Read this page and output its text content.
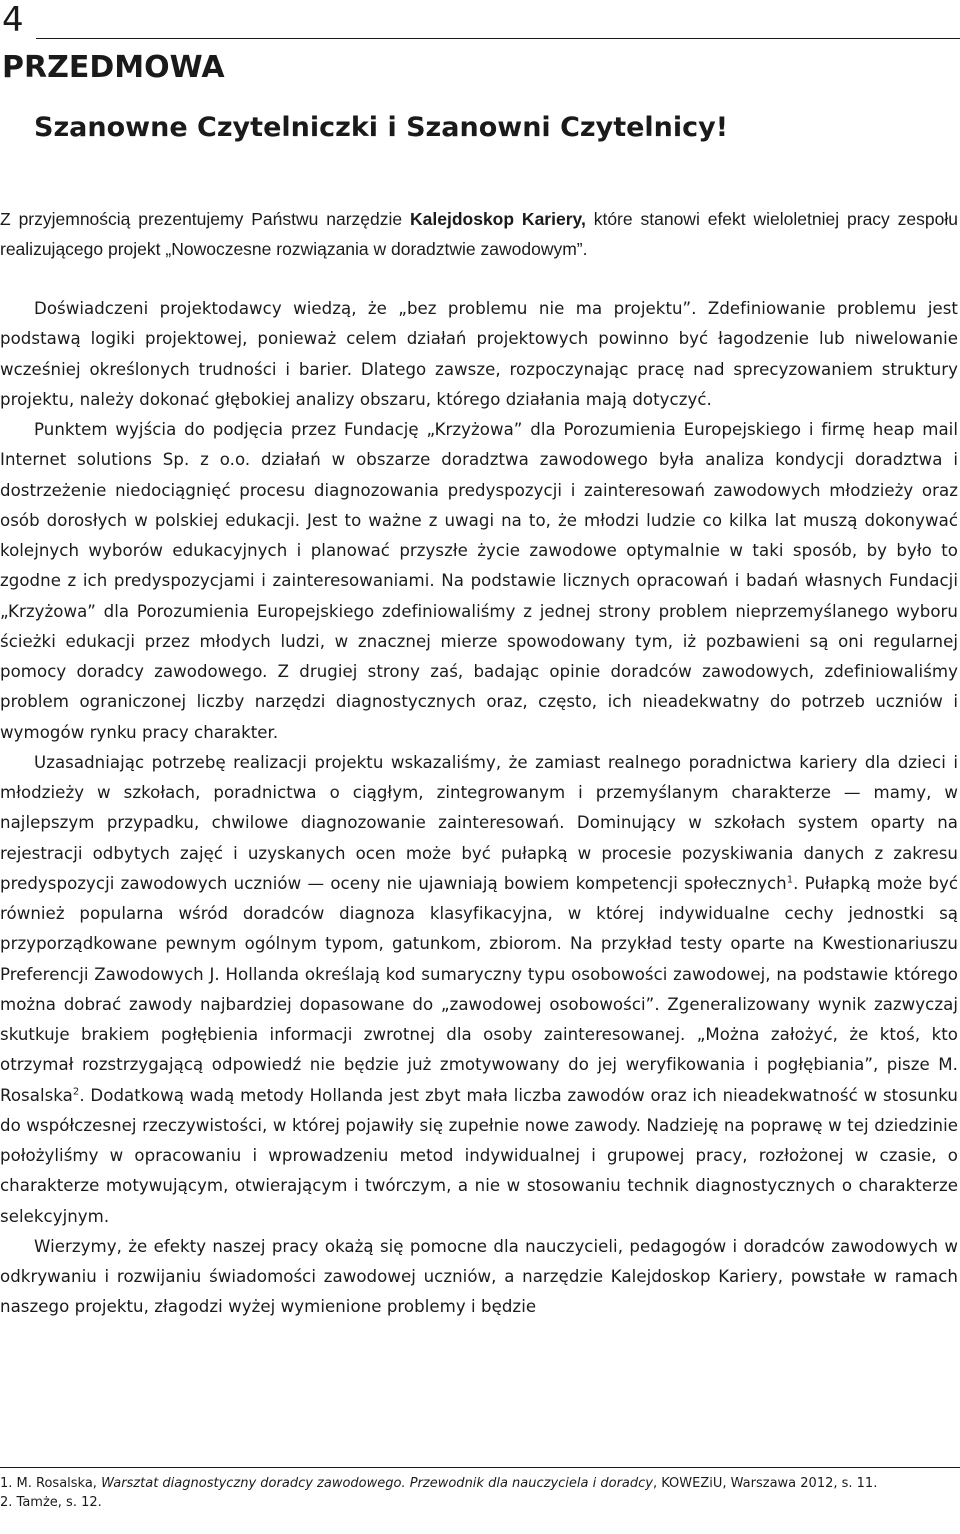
4
PRZEDMOWA
Szanowne Czytelniczki i Szanowni Czytelnicy!
Z przyjemnością prezentujemy Państwu narzędzie Kalejdoskop Kariery, które stanowi efekt wieloletniej pracy zespołu realizującego projekt „Nowoczesne rozwiązania w doradztwie zawodowym”.

Doświadczeni projektodawcy wiedzą, że „bez problemu nie ma projektu”. Zdefiniowanie problemu jest podstawą logiki projektowej, ponieważ celem działań projektowych powinno być łagodzenie lub niwelowanie wcześniej określonych trudności i barier. Dlatego zawsze, rozpoczynając pracę nad sprecyzowaniem struktury projektu, należy dokonać głębokiej analizy obszaru, którego działania mają dotyczyć.

Punktem wyjścia do podjęcia przez Fundację „Krzyżowa” dla Porozumienia Europejskiego i firmę heap mail Internet solutions Sp. z o.o. działań w obszarze doradztwa zawodowego była analiza kondycji doradztwa i dostrzeżenie niedociągnięć procesu diagnozowania predyspozycji i zainteresowań zawodowych młodzieży oraz osób dorosłych w polskiej edukacji. Jest to ważne z uwagi na to, że młodzi ludzie co kilka lat muszą dokonywać kolejnych wyborów edukacyjnych i planować przyszłe życie zawodowe optymalnie w taki sposób, by było to zgodne z ich predyspozycjami i zainteresowaniami. Na podstawie licznych opracowań i badań własnych Fundacji „Krzyżowa” dla Porozumienia Europejskiego zdefiniowaliśmy z jednej strony problem nieprzemyślanego wyboru ścieżki edukacji przez młodych ludzi, w znacznej mierze spowodowany tym, iż pozbawieni są oni regularnej pomocy doradcy zawodowego. Z drugiej strony zaś, badając opinie doradców zawodowych, zdefiniowaliśmy problem ograniczonej liczby narzędzi diagnostycznych oraz, często, ich nieadekwatny do potrzeb uczniów i wymogów rynku pracy charakter.

Uzasadniając potrzebę realizacji projektu wskazaliśmy, że zamiast realnego poradnictwa kariery dla dzieci i młodzieży w szkołach, poradnictwa o ciągłym, zintegrowanym i przemyślanym charakterze — mamy, w najlepszym przypadku, chwilowe diagnozowanie zainteresowań. Dominujący w szkołach system oparty na rejestracji odbytych zajęć i uzyskanych ocen może być pułapką w procesie pozyskiwania danych z zakresu predyspozycji zawodowych uczniów — oceny nie ujawniają bowiem kompetencji społecznych$^1$. Pułapką może być również popularna wśród doradców diagnoza klasyfikacyjna, w której indywidualne cechy jednostki są przyporządkowane pewnym ogólnym typom, gatunkom, zbiorom. Na przykład testy oparte na Kwestionariuszu Preferencji Zawodowych J. Hollanda określają kod sumaryczny typu osobowości zawodowej, na podstawie którego można dobrać zawody najbardziej dopasowane do „zawodowej osobowości”. Zgeneralizowany wynik zazwyczaj skutkuje brakiem pogłębienia informacji zwrotnej dla osoby zainteresowanej. „Można założyć, że ktoś, kto otrzymał rozstrzygającą odpowiedź nie będzie już zmotywowany do jej weryfikowania i pogłębiania”, pisze M. Rosalska$^2$. Dodatkową wadą metody Hollanda jest zbyt mała liczba zawodów oraz ich nieadekwatność w stosunku do współczesnej rzeczywistości, w której pojawiły się zupełnie nowe zawody. Nadzieję na poprawę w tej dziedzinie położyliśmy w opracowaniu i wprowadzeniu metod indywidualnej i grupowej pracy, rozłożonej w czasie, o charakterze motywującym, otwierającym i twórczym, a nie w stosowaniu technik diagnostycznych o charakterze selekcyjnym.

Wierzymy, że efekty naszej pracy okażą się pomocne dla nauczycieli, pedagogów i doradców zawodowych w odkrywaniu i rozwijaniu świadomości zawodowej uczniów, a narzędzie Kalejdoskop Kariery, powstałe w ramach naszego projektu, złagodzi wyżej wymienione problemy i będzie

1. M. Rosalska, Warsztat diagnostyczny doradcy zawodowego. Przewodnik dla nauczyciela i doradcy, KOWEZiU, Warszawa 2012, s. 11.

2. Tamże, s. 12.
